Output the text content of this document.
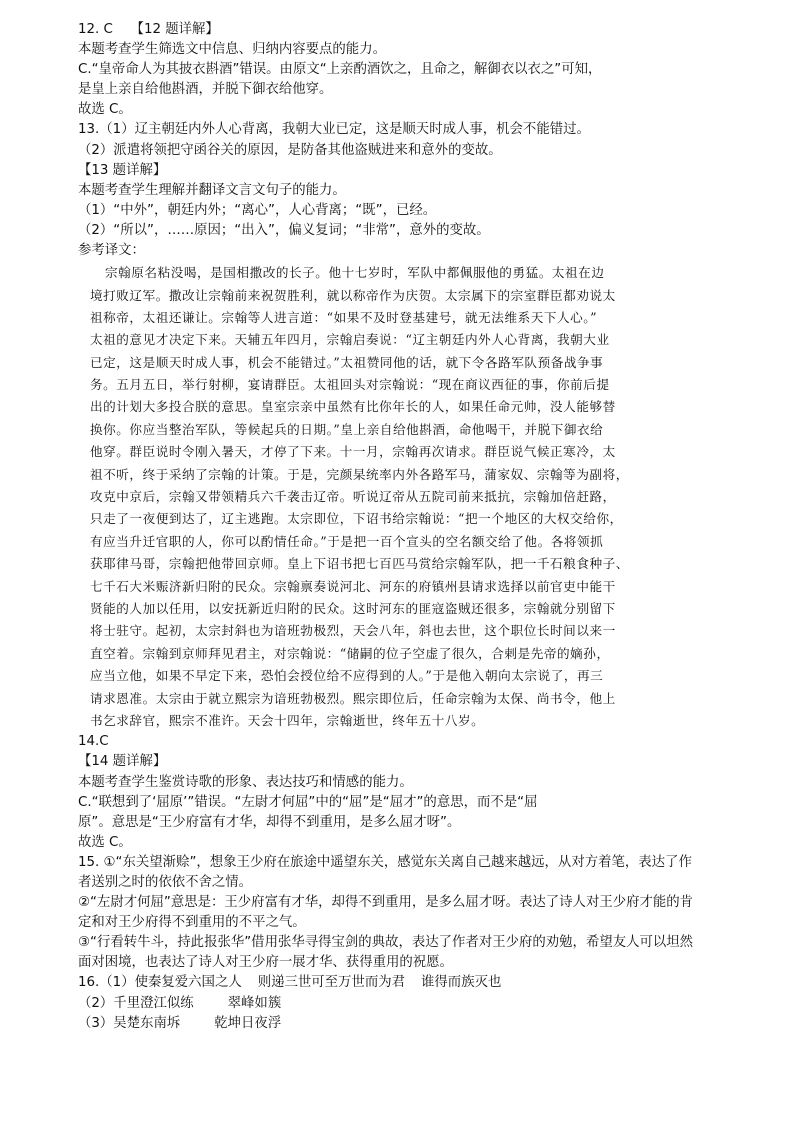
12. C　 【12 题详解】
本题考查学生筛选文中信息、归纳内容要点的能力。
C.“皇帝命人为其披衣斟酒”错误。由原文“上亲酌酒饮之，且命之，解御衣以衣之”可知，
是皇上亲自给他斟酒，并脱下御衣给他穿。
故选 C。
13.（1）辽主朝廷内外人心背离，我朝大业已定，这是顺天时成人事，机会不能错过。
（2）派遣将领把守函谷关的原因，是防备其他盗贼进来和意外的变故。
【13 题详解】
本题考查学生理解并翻译文言文句子的能力。
（1）“中外”，朝廷内外；“离心”，人心背离；“既”，已经。
（2）“所以”，……原因；“出入”，偏义复词；“非常”，意外的变故。
参考译文：
宗翰原名粘没喝，是国相撒改的长子。他十七岁时，军队中都佩服他的勇猛。太祖在边
境打败辽军。撒改让宗翰前来祝贺胜利，就以称帝作为庆贺。太宗属下的宗室群臣都劝说太
祖称帝，太祖还谦让。宗翰等人进言道：“如果不及时登基建号，就无法维系天下人心。”
太祖的意见才决定下来。天辅五年四月，宗翰启奏说：“辽主朝廷内外人心背离，我朝大业
已定，这是顺天时成人事，机会不能错过。”太祖赞同他的话，就下令各路军队预备战争事
务。五月五日，举行射柳，宴请群臣。太祖回头对宗翰说：“现在商议西征的事，你前后提
出的计划大多投合朕的意思。皇室宗亲中虽然有比你年长的人，如果任命元帅，没人能够替
换你。你应当整治军队，等候起兵的日期。”皇上亲自给他斟酒，命他喝干，并脱下御衣给
他穿。群臣说时令刚入暑天，才停了下来。十一月，宗翰再次请求。群臣说气候正寒冷，太
祖不听，终于采纳了宗翰的计策。于是，完颜杲统率内外各路军马，蒲家奴、宗翰等为副将，
攻克中京后，宗翰又带领精兵六千袭击辽帝。听说辽帝从五院司前来抵抗，宗翰加倍赶路，
只走了一夜便到达了，辽主逃跑。太宗即位，下诏书给宗翰说：“把一个地区的大权交给你，
有应当升迁官职的人，你可以酌情任命。”于是把一百个宣头的空名额交给了他。各将领抓
获耶律马哥，宗翰把他带回京师。皇上下诏书把七百匹马赏给宗翰军队，把一千石粮食种子、
七千石大米赈济新归附的民众。宗翰禀奏说河北、河东的府镇州县请求选择以前官吏中能干
贤能的人加以任用，以安抚新近归附的民众。这时河东的匪寇盗贼还很多，宗翰就分别留下
将士驻守。起初，太宗封斜也为谙班勃极烈，天会八年，斜也去世，这个职位长时间以来一
直空着。宗翰到京师拜见君主，对宗翰说：“储嗣的位子空虚了很久，合剌是先帝的嫡孙，
应当立他，如果不早定下来，恐怕会授位给不应得到的人。”于是他入朝向太宗说了，再三
请求恩准。太宗由于就立熙宗为谙班勃极烈。熙宗即位后，任命宗翰为太保、尚书令，他上
书乞求辞官，熙宗不准许。天会十四年，宗翰逝世，终年五十八岁。
14.C
【14 题详解】
本题考查学生鉴赏诗歌的形象、表达技巧和情感的能力。
C.“联想到了‘屈原’”错误。“左尉才何屈”中的“屈”是“屈才”的意思，而不是“屈
原”。意思是“王少府富有才华，却得不到重用，是多么屈才呀”。
故选 C。
15. ①“东关望渐赊”，想象王少府在旅途中遥望东关，感觉东关离自己越来越远，从对方着笔，表达了作
者送别之时的依依不舍之情。
②“左尉才何屈”意思是：王少府富有才华，却得不到重用，是多么屈才呀。表达了诗人对王少府才能的肯
定和对王少府得不到重用的不平之气。
③“行看转牛斗，持此报张华”借用张华寻得宝剑的典故，表达了作者对王少府的劝勉，希望友人可以坦然
面对困境，也表达了诗人对王少府一展才华、获得重用的祝愿。
16.（1）使秦复爱六国之人 则递三世可至万世而为君 谁得而族灭也
（2）千里澄江似练	翠峰如簇
（3）吴楚东南坼	乾坤日夜浮
